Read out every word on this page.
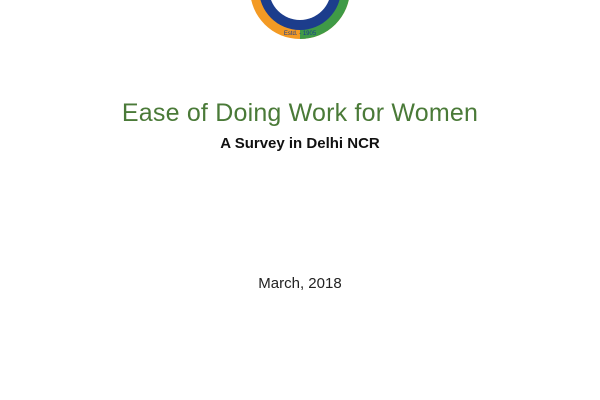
CHAMBER
PR	ENT
Estd. - 1905
Ease of Doing Work for Women
A Survey in Delhi NCR
March, 2018
